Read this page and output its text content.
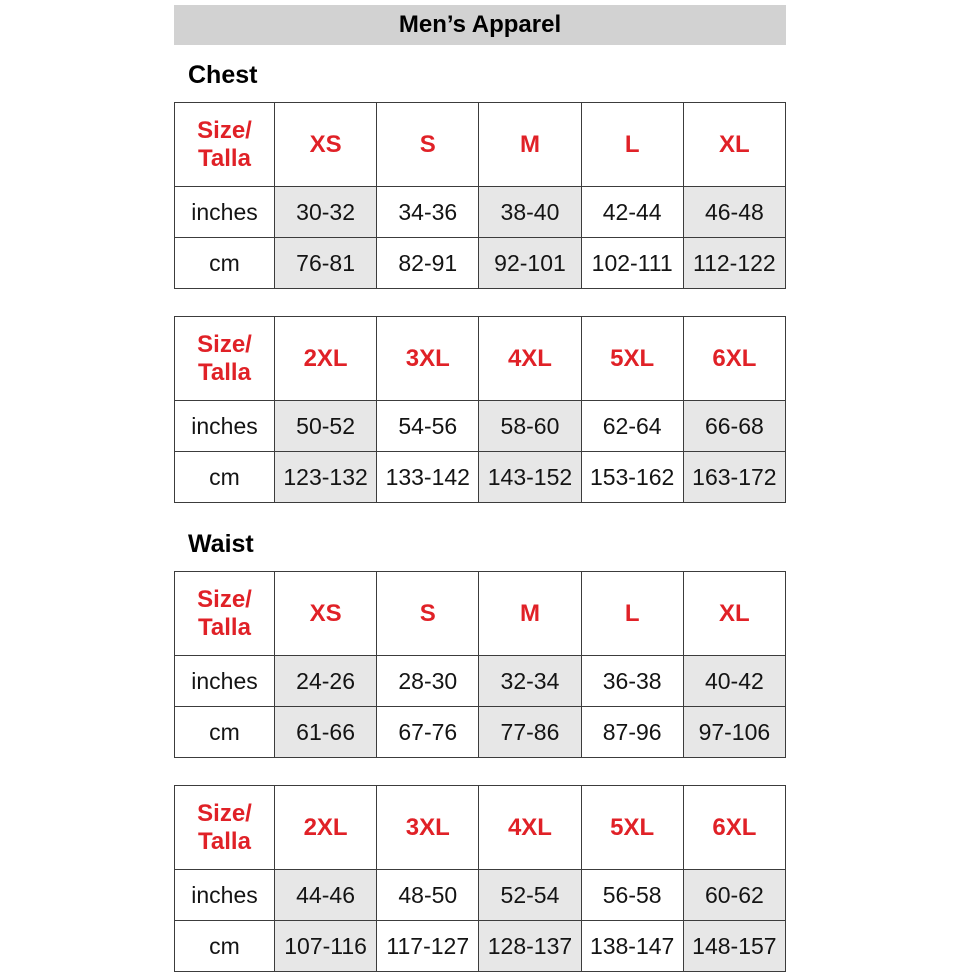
Men’s Apparel
Chest
Size/
Talla	XS	S	M	L	XL
inches	30-32	34-36	38-40	42-44	46-48
cm	76-81	82-91	92-101	102-111	112-122
Size/
Talla	2XL	3XL	4XL	5XL	6XL
inches	50-52	54-56	58-60	62-64	66-68
cm	123-132	133-142	143-152	153-162	163-172
Waist
Size/
Talla	XS	S	M	L	XL
inches	24-26	28-30	32-34	36-38	40-42
cm	61-66	67-76	77-86	87-96	97-106
Size/
Talla	2XL	3XL	4XL	5XL	6XL
inches	44-46	48-50	52-54	56-58	60-62
cm	107-116	117-127	128-137	138-147	148-157
